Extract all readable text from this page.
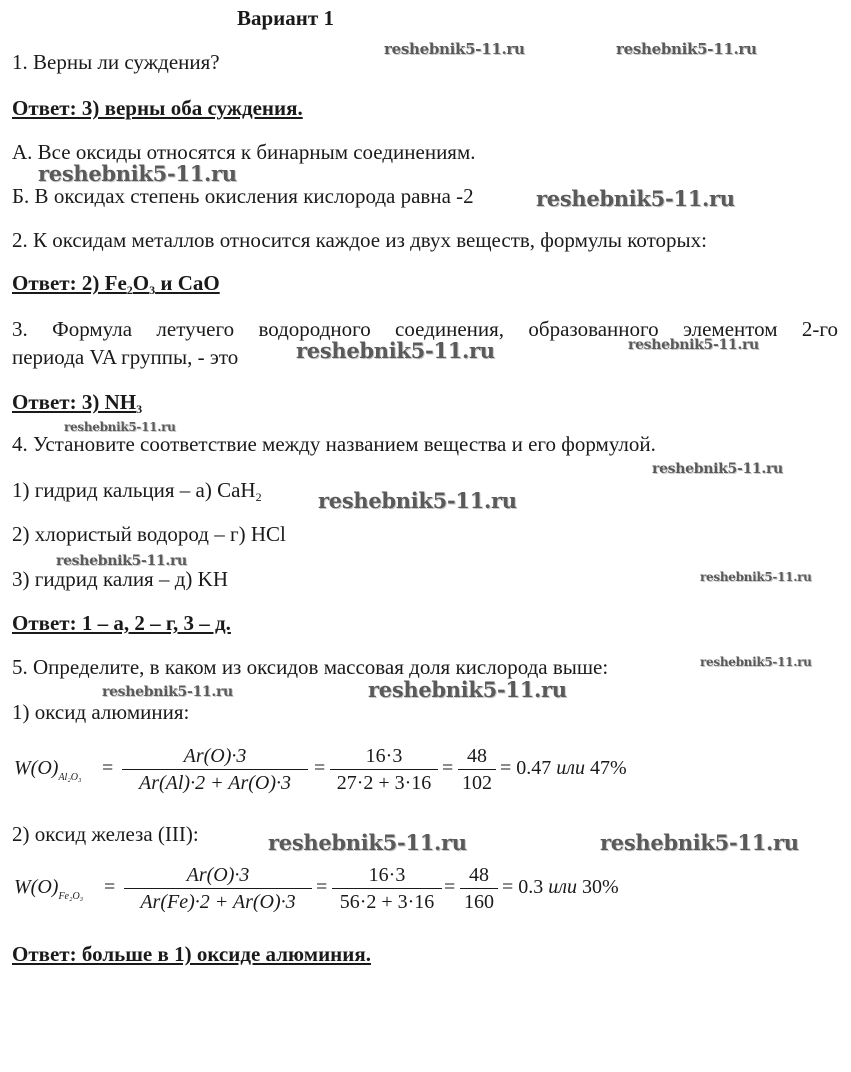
Вариант 1
reshebnik5-11.ru	reshebnik5-11.ru
reshebnik5-11.ru
reshebnik5-11.ru
reshebnik5-11.ru	reshebnik5-11.ru
reshebnik5-11.ru
reshebnik5-11.ru
reshebnik5-11.ru
reshebnik5-11.ru
reshebnik5-11.ru
reshebnik5-11.ru
reshebnik5-11.ru
reshebnik5-11.ru
reshebnik5-11.ru	reshebnik5-11.ru
1. Верны ли суждения?
Ответ: 3) верны оба суждения.
А. Все оксиды относятся к бинарным соединениям.
Б. В оксидах степень окисления кислорода равна -2
2. К оксидам металлов относится каждое из двух веществ, формулы которых:
Ответ: 2) $Fe_2O_3$ и CaO
3. Формула летучего водородного соединения, образованного элементом 2-го
периода VA группы, - это
Ответ: 3) $NH_3$
4. Установите соответствие между названием вещества и его формулой.
1) гидрид кальция – а) CaH$_2$
2) хлористый водород – г) HCl
3) гидрид калия – д) KH
Ответ: 1 – а, 2 – г, 3 – д.
5. Определите, в каком из оксидов массовая доля кислорода выше:
1) оксид алюминия:
$W(O)_{Al_2O_3}$ =
Ar(O)·3
Ar(Al)·2 + Ar(O)·3
=
16·3
27·2 + 3·16
=
48
102
= 0.47 или 47%
2) оксид железа (III):
$W(O)_{Fe_2O_3}$ =
Ar(O)·3
Ar(Fe)·2 + Ar(O)·3
=
16·3
56·2 + 3·16
=
48
160
= 0.3 или 30%
Ответ: больше в 1) оксиде алюминия.
